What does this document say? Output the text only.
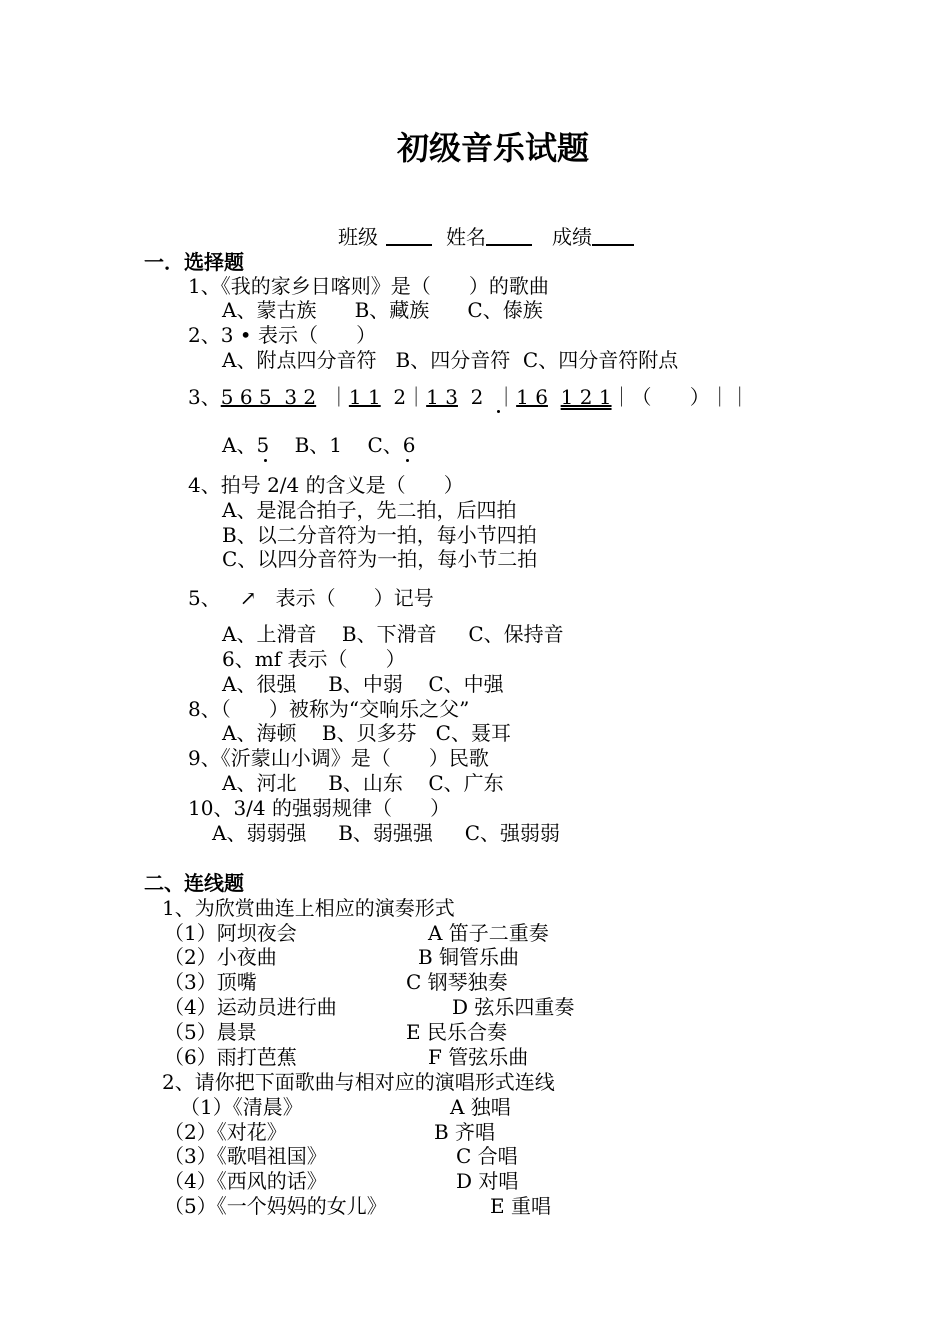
初级音乐试题
班级	姓名	成绩
一．选择题
1、《我的家乡日喀则》是（      ）的歌曲
A、蒙古族      B、藏族      C、傣族
2、3 • 表示（      ）
A、附点四分音符   B、四分音符  C、四分音符附点
3、5 6 5  3 2 ｜1 1  2｜1 3  2 ｜1 6 1 2 1｜（      ）｜｜
A、5    B、1    C、6
4、拍号 2/4 的含义是（      ）
A、是混合拍子，先二拍，后四拍
B、以二分音符为一拍，每小节四拍
C、以四分音符为一拍，每小节二拍
5、   ↗   表示（      ）记号
A、上滑音    B、下滑音     C、保持音
6、mf 表示（      ）
A、很强     B、中弱    C、中强
8、（      ）被称为“交响乐之父”
A、海顿    B、贝多芬   C、聂耳
9、《沂蒙山小调》是（      ）民歌
A、河北     B、山东    C、广东
10、3/4 的强弱规律（      ）
A、弱弱强     B、弱强强     C、强弱弱
二、连线题
1、为欣赏曲连上相应的演奏形式
（1）阿坝夜会	A 笛子二重奏
（2）小夜曲	B 铜管乐曲
（3）顶嘴	C 钢琴独奏
（4）运动员进行曲	D 弦乐四重奏
（5）晨景	E 民乐合奏
（6）雨打芭蕉	F 管弦乐曲
2、请你把下面歌曲与相对应的演唱形式连线
（1）《清晨》	A 独唱
（2）《对花》	B 齐唱
（3）《歌唱祖国》	C 合唱
（4）《西风的话》	D 对唱
（5）《一个妈妈的女儿》	E 重唱
